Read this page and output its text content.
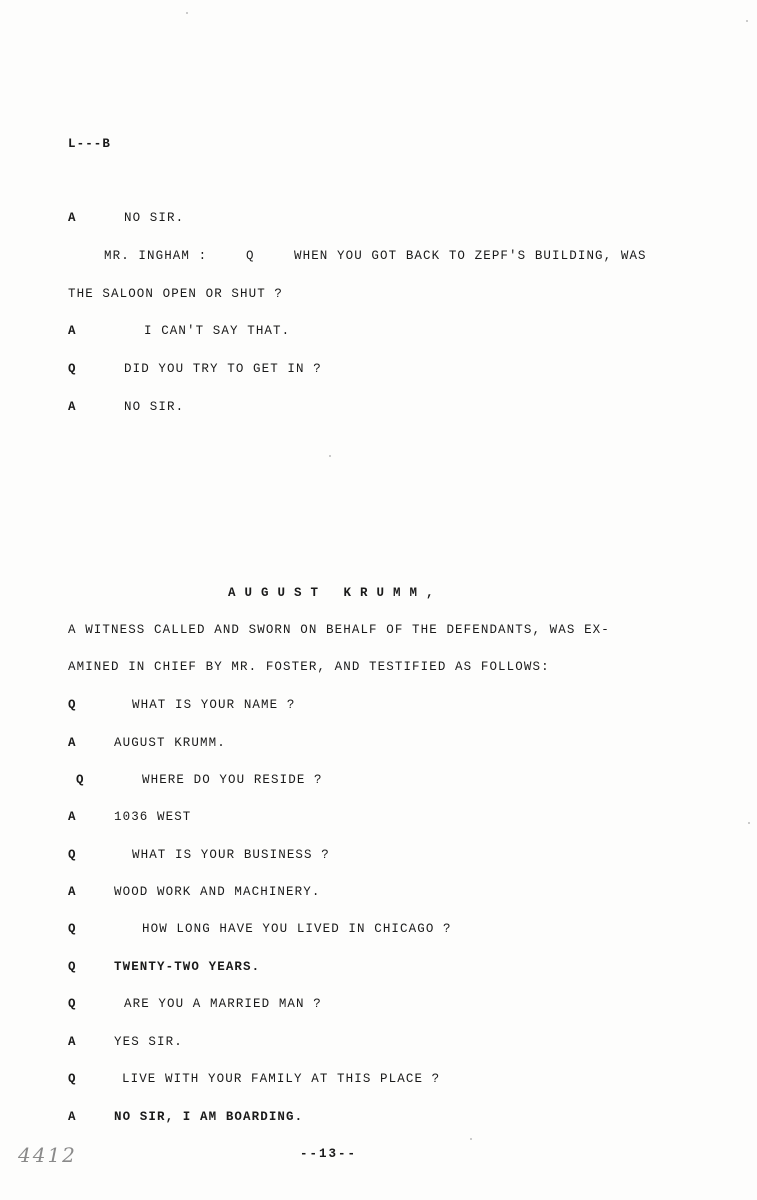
L---B
A	NO SIR.
MR. INGHAM :	Q	WHEN YOU GOT BACK TO ZEPF'S BUILDING, WAS
THE SALOON OPEN OR SHUT ?
A	I CAN'T SAY THAT.
Q	DID YOU TRY TO GET IN ?
A	NO SIR.
AUGUST KRUMM,
A WITNESS CALLED AND SWORN ON BEHALF OF THE DEFENDANTS, WAS EX-
AMINED IN CHIEF BY MR. FOSTER, AND TESTIFIED AS FOLLOWS:
Q	WHAT IS YOUR NAME ?
A	AUGUST KRUMM.
Q	WHERE DO YOU RESIDE ?
A	1036 WEST
Q	WHAT IS YOUR BUSINESS ?
A	WOOD WORK AND MACHINERY.
Q	HOW LONG HAVE YOU LIVED IN CHICAGO ?
Q	TWENTY-TWO YEARS.
Q	ARE YOU A MARRIED MAN ?
A	YES SIR.
Q	LIVE WITH YOUR FAMILY AT THIS PLACE ?
A	NO SIR, I AM BOARDING.
--13--
4412
